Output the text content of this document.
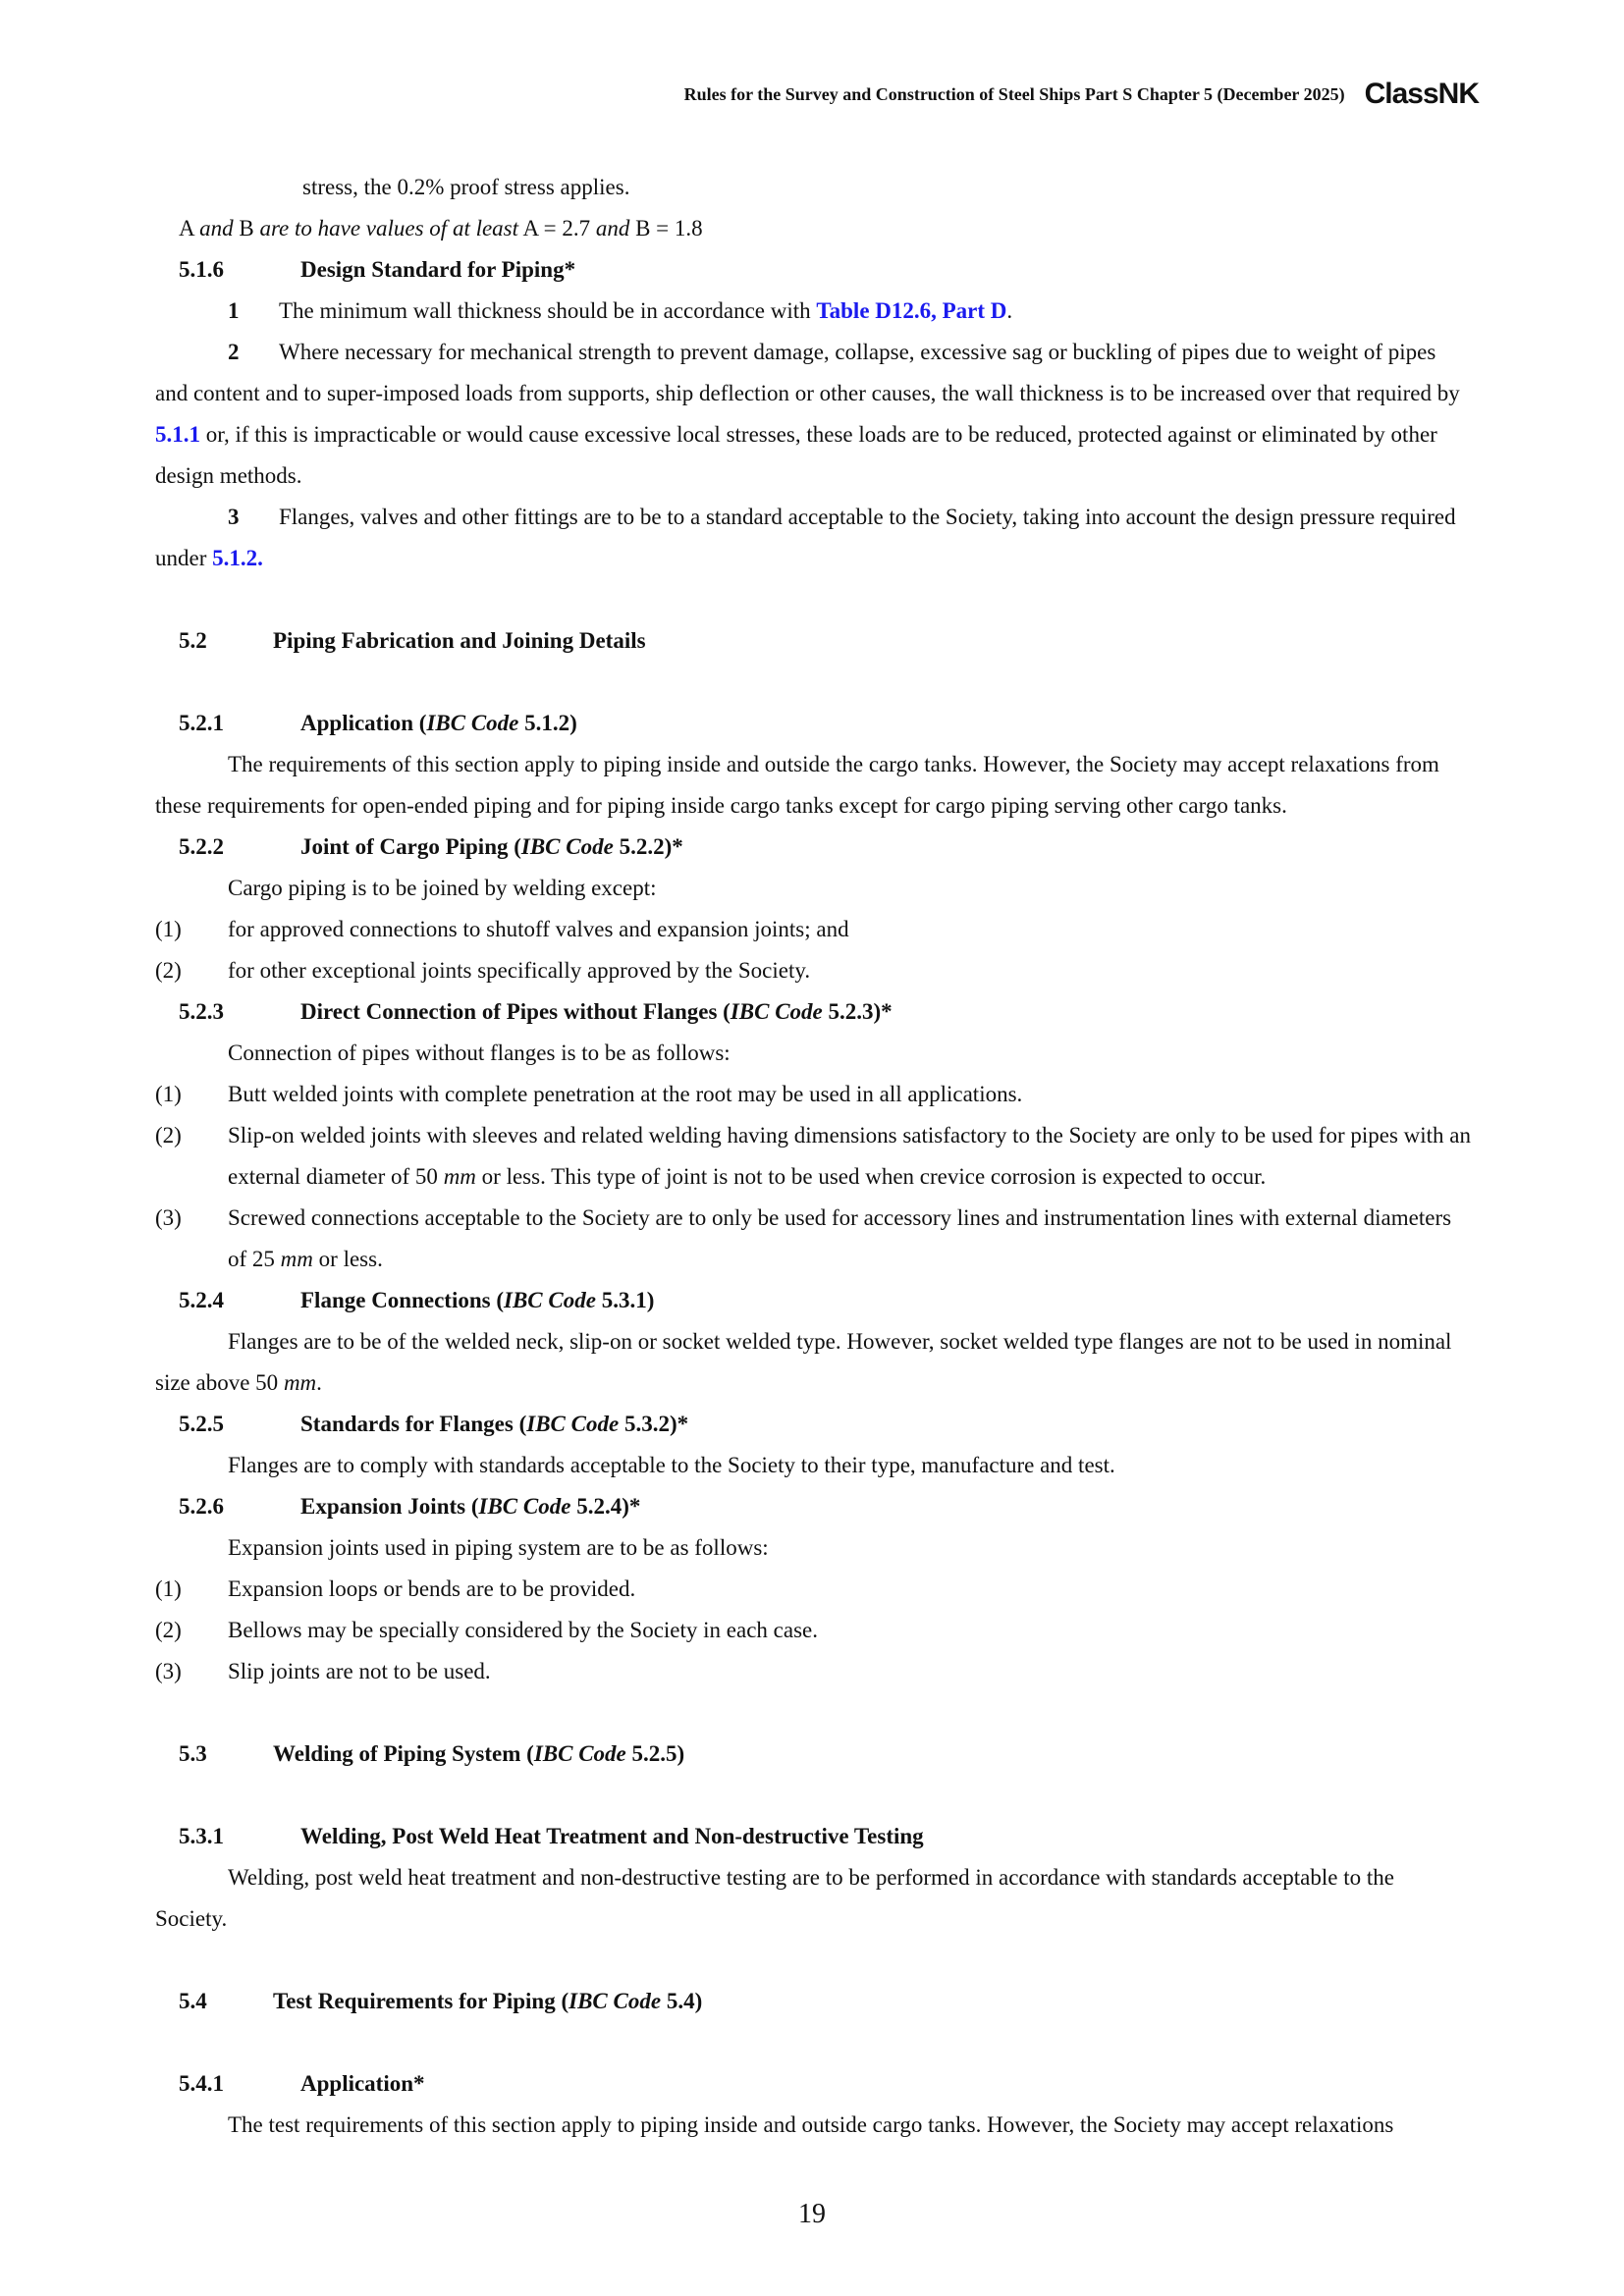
Rules for the Survey and Construction of Steel Ships Part S Chapter 5 (December 2025) ClassNK

stress, the 0.2% proof stress applies.

A and B are to have values of at least A = 2.7 and B = 1.8

5.1.6	Design Standard for Piping*

1 The minimum wall thickness should be in accordance with Table D12.6, Part D.

2 Where necessary for mechanical strength to prevent damage, collapse, excessive sag or buckling of pipes due to weight of pipes and content and to super-imposed loads from supports, ship deflection or other causes, the wall thickness is to be increased over that required by 5.1.1 or, if this is impracticable or would cause excessive local stresses, these loads are to be reduced, protected against or eliminated by other design methods.

3 Flanges, valves and other fittings are to be to a standard acceptable to the Society, taking into account the design pressure required under 5.1.2.

5.2	Piping Fabrication and Joining Details

5.2.1	Application (IBC Code 5.1.2)

The requirements of this section apply to piping inside and outside the cargo tanks. However, the Society may accept relaxations from these requirements for open-ended piping and for piping inside cargo tanks except for cargo piping serving other cargo tanks.

5.2.2	Joint of Cargo Piping (IBC Code 5.2.2)*

Cargo piping is to be joined by welding except:

(1) for approved connections to shutoff valves and expansion joints; and

(2) for other exceptional joints specifically approved by the Society.

5.2.3	Direct Connection of Pipes without Flanges (IBC Code 5.2.3)*

Connection of pipes without flanges is to be as follows:

(1) Butt welded joints with complete penetration at the root may be used in all applications.

(2) Slip-on welded joints with sleeves and related welding having dimensions satisfactory to the Society are only to be used for pipes with an external diameter of 50 mm or less. This type of joint is not to be used when crevice corrosion is expected to occur.

(3) Screwed connections acceptable to the Society are to only be used for accessory lines and instrumentation lines with external diameters of 25 mm or less.

5.2.4	Flange Connections (IBC Code 5.3.1)

Flanges are to be of the welded neck, slip-on or socket welded type. However, socket welded type flanges are not to be used in nominal size above 50 mm.

5.2.5	Standards for Flanges (IBC Code 5.3.2)*

Flanges are to comply with standards acceptable to the Society to their type, manufacture and test.

5.2.6	Expansion Joints (IBC Code 5.2.4)*

Expansion joints used in piping system are to be as follows:

(1) Expansion loops or bends are to be provided.

(2) Bellows may be specially considered by the Society in each case.

(3) Slip joints are not to be used.

5.3	Welding of Piping System (IBC Code 5.2.5)

5.3.1	Welding, Post Weld Heat Treatment and Non-destructive Testing

Welding, post weld heat treatment and non-destructive testing are to be performed in accordance with standards acceptable to the Society.

5.4	Test Requirements for Piping (IBC Code 5.4)

5.4.1	Application*

The test requirements of this section apply to piping inside and outside cargo tanks. However, the Society may accept relaxations

19
